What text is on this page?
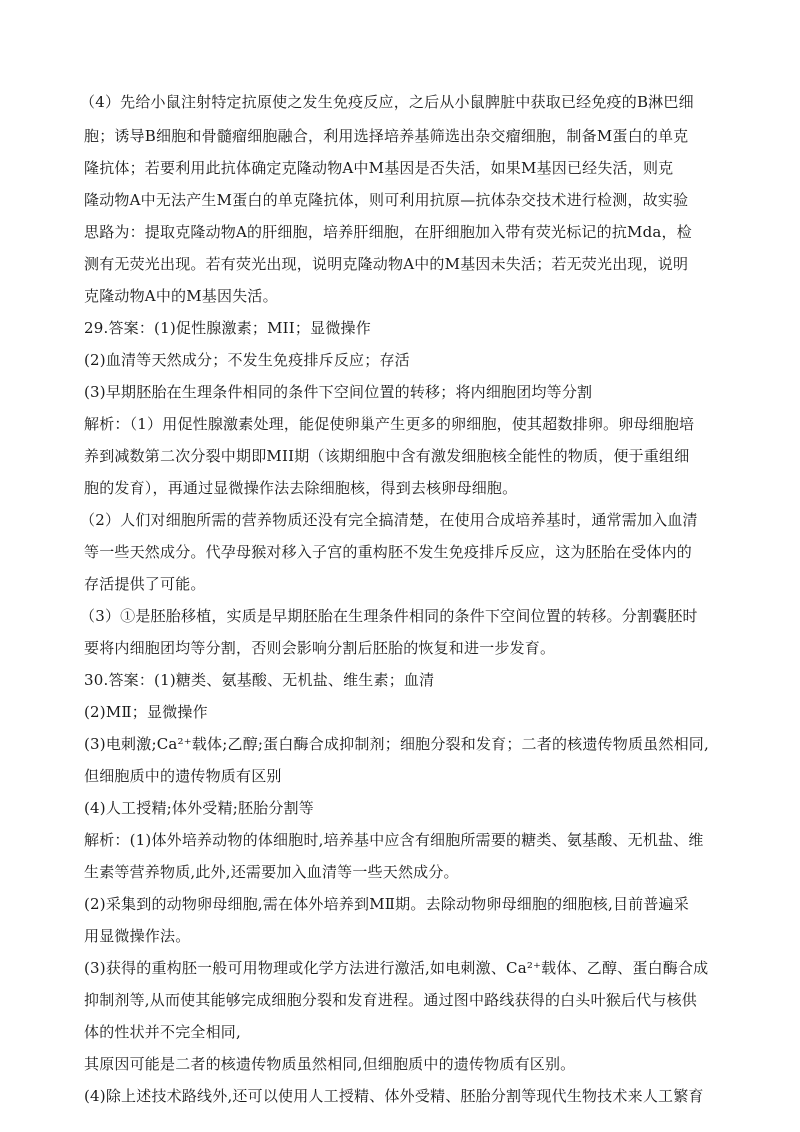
（4）先给小鼠注射特定抗原使之发生免疫反应，之后从小鼠脾脏中获取已经免疫的B淋巴细
胞；诱导B细胞和骨髓瘤细胞融合，利用选择培养基筛选出杂交瘤细胞，制备M蛋白的单克
隆抗体；若要利用此抗体确定克隆动物A中M基因是否失活，如果M基因已经失活，则克
隆动物A中无法产生M蛋白的单克隆抗体，则可利用抗原—抗体杂交技术进行检测，故实验
思路为：提取克隆动物A的肝细胞，培养肝细胞，在肝细胞加入带有荧光标记的抗Mda，检
测有无荧光出现。若有荧光出现，说明克隆动物A中的M基因未失活；若无荧光出现，说明
克隆动物A中的M基因失活。
29.答案：(1)促性腺激素；MII；显微操作
(2)血清等天然成分；不发生免疫排斥反应；存活
(3)早期胚胎在生理条件相同的条件下空间位置的转移；将内细胞团均等分割
解析：（1）用促性腺激素处理，能促使卵巢产生更多的卵细胞，使其超数排卵。卵母细胞培
养到减数第二次分裂中期即MII期（该期细胞中含有激发细胞核全能性的物质，便于重组细
胞的发育），再通过显微操作法去除细胞核，得到去核卵母细胞。
（2）人们对细胞所需的营养物质还没有完全搞清楚，在使用合成培养基时，通常需加入血清
等一些天然成分。代孕母猴对移入子宫的重构胚不发生免疫排斥反应，这为胚胎在受体内的
存活提供了可能。
（3）①是胚胎移植，实质是早期胚胎在生理条件相同的条件下空间位置的转移。分割囊胚时
要将内细胞团均等分割，否则会影响分割后胚胎的恢复和进一步发育。
30.答案：(1)糖类、氨基酸、无机盐、维生素；血清
(2)MⅡ；显微操作
(3)电刺激;Ca²⁺载体;乙醇;蛋白酶合成抑制剂；细胞分裂和发育；二者的核遗传物质虽然相同,
但细胞质中的遗传物质有区别
(4)人工授精;体外受精;胚胎分割等
解析：(1)体外培养动物的体细胞时,培养基中应含有细胞所需要的糖类、氨基酸、无机盐、维
生素等营养物质,此外,还需要加入血清等一些天然成分。
(2)采集到的动物卵母细胞,需在体外培养到MⅡ期。去除动物卵母细胞的细胞核,目前普遍采
用显微操作法。
(3)获得的重构胚一般可用物理或化学方法进行激活,如电刺激、Ca²⁺载体、乙醇、蛋白酶合成
抑制剂等,从而使其能够完成细胞分裂和发育进程。通过图中路线获得的白头叶猴后代与核供
体的性状并不完全相同,
其原因可能是二者的核遗传物质虽然相同,但细胞质中的遗传物质有区别。
(4)除上述技术路线外,还可以使用人工授精、体外受精、胚胎分割等现代生物技术来人工繁育
